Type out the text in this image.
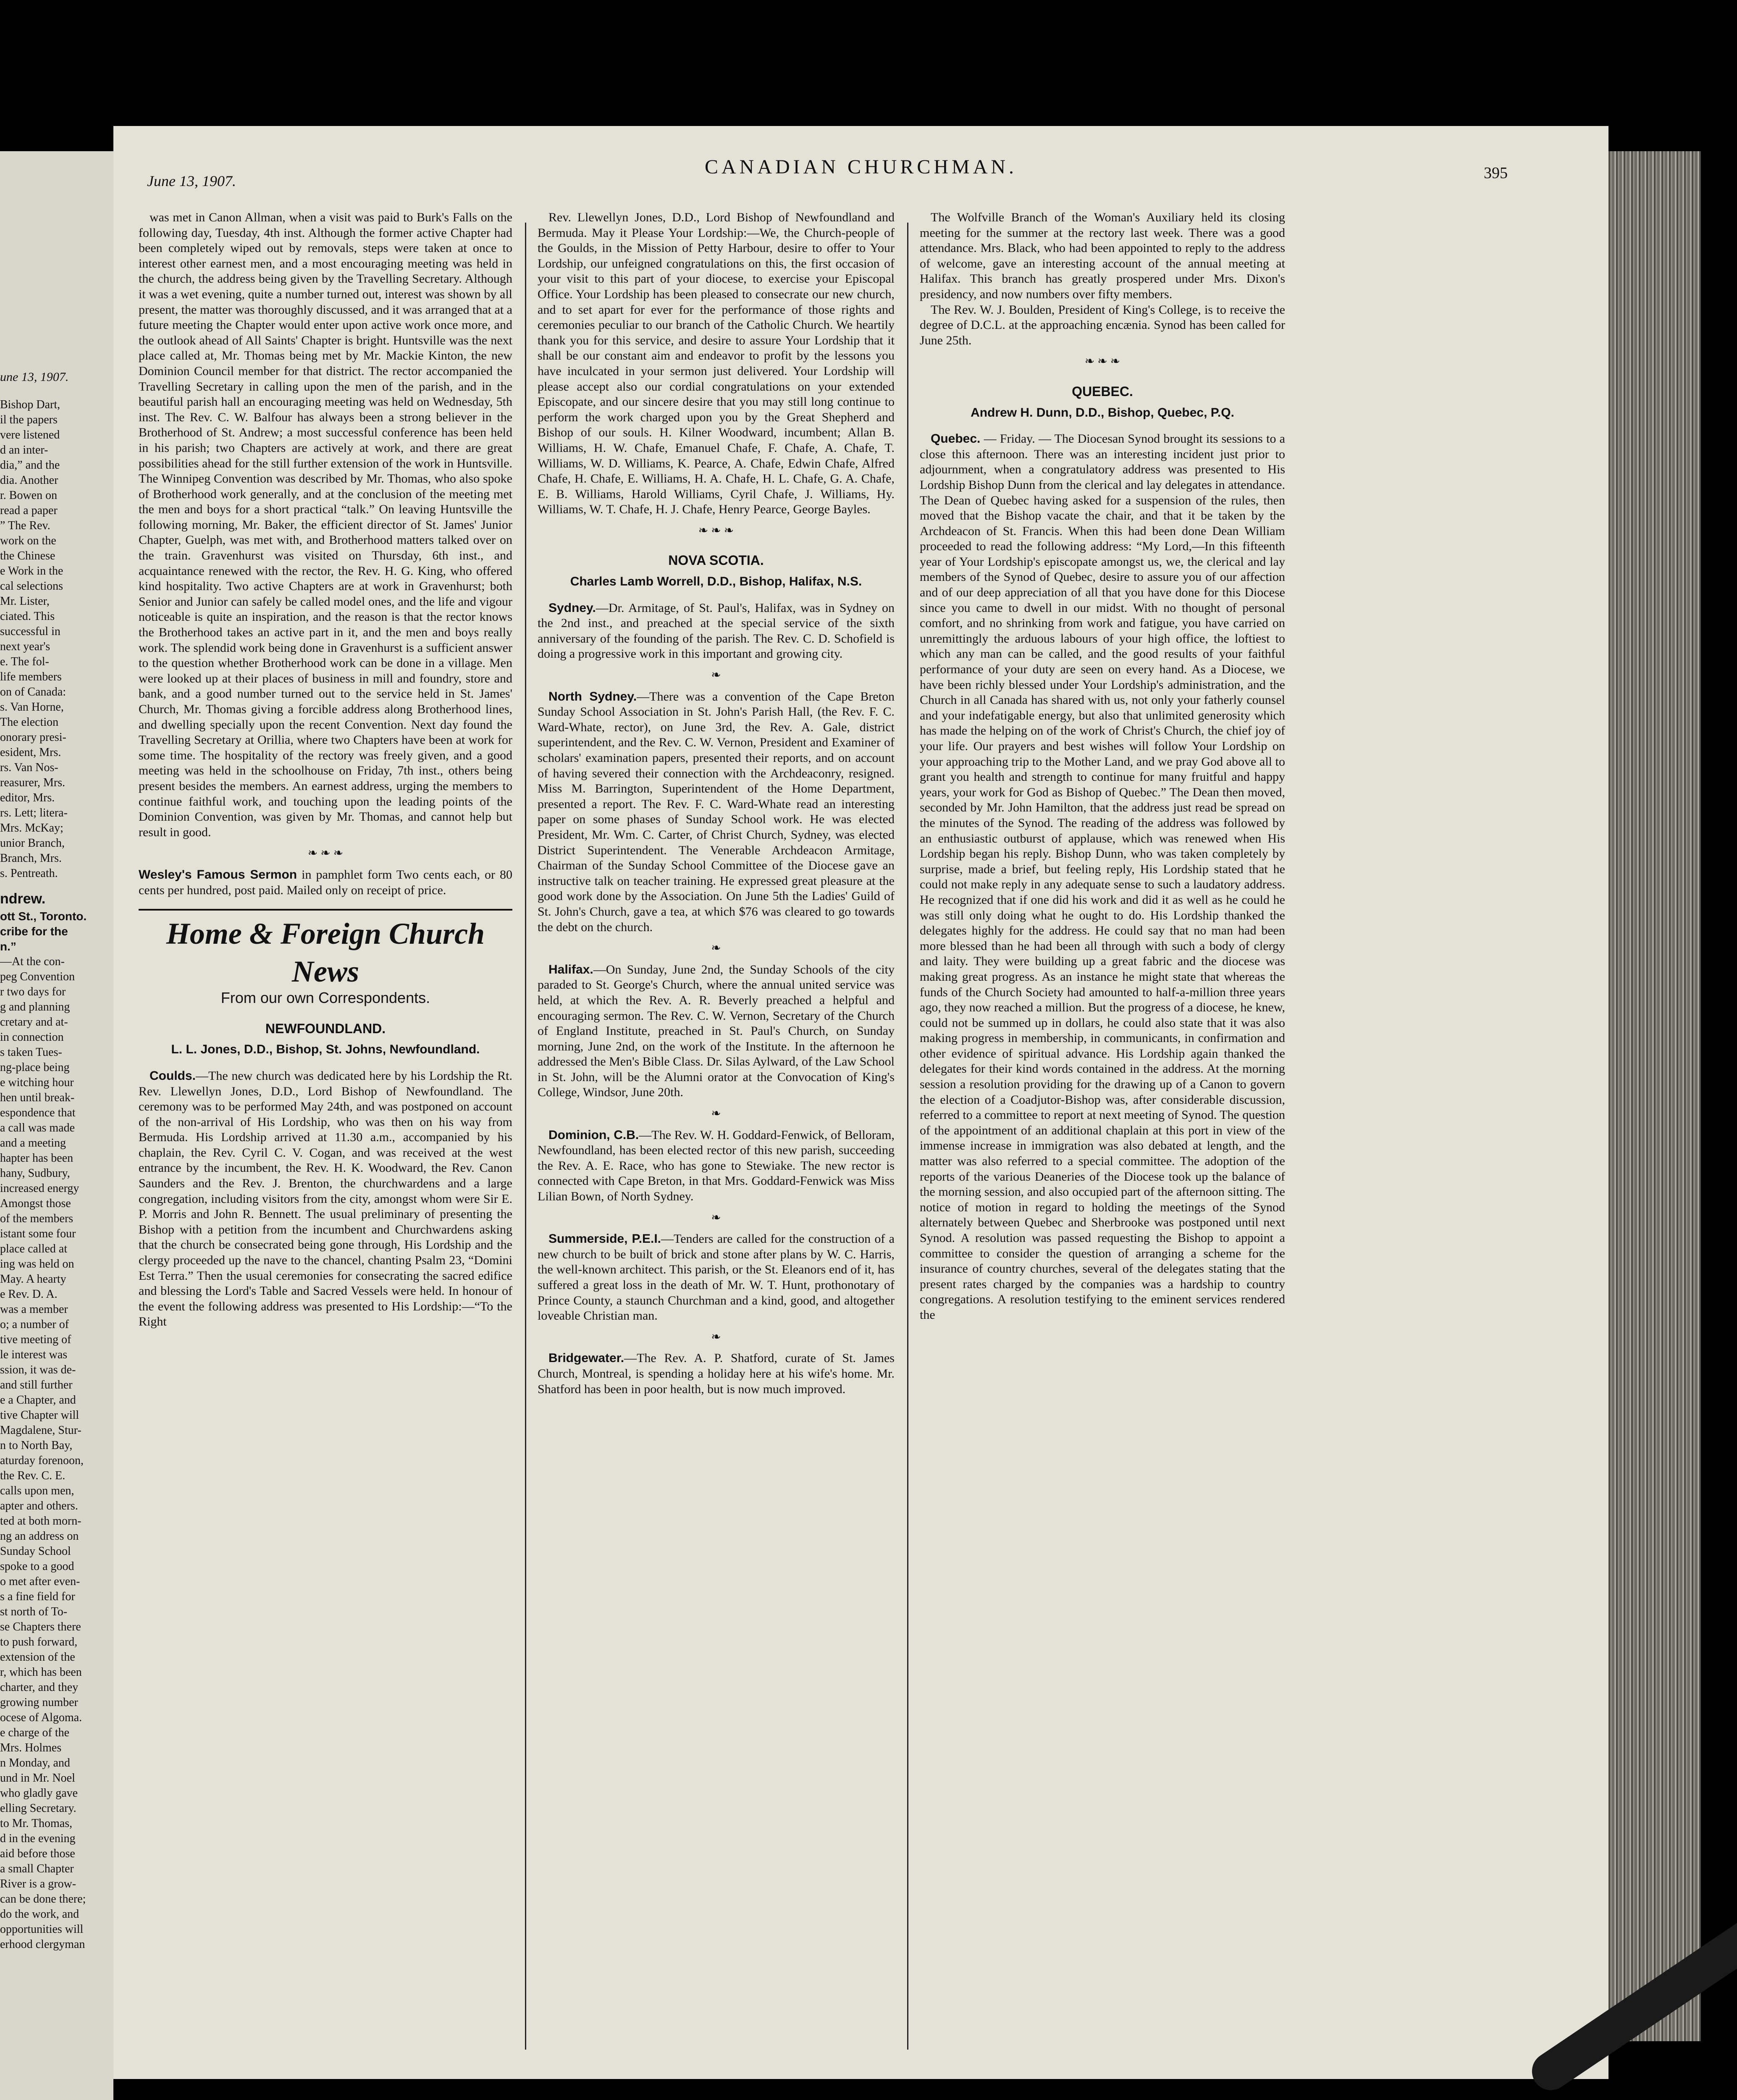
une 13, 1907.
Bishop Dart,
il the papers
vere listened
d an inter-
dia,” and the
dia. Another
r. Bowen on
read a paper
” The Rev.
work on the
the Chinese
e Work in the
cal selections
Mr. Lister,
ciated. This
successful in
next year's
e. The fol-
life members
on of Canada:
s. Van Horne,
The election
onorary presi-
esident, Mrs.
rs. Van Nos-
reasurer, Mrs.
editor, Mrs.
rs. Lett; litera-
Mrs. McKay;
unior Branch,
Branch, Mrs.
s. Pentreath.
ndrew.
ott St., Toronto.
cribe for the
n.”
—At the con-
peg Convention
r two days for
g and planning
cretary and at-
in connection
s taken Tues-
ng-place being
e witching hour
hen until break-
espondence that
a call was made
and a meeting
hapter has been
hany, Sudbury,
increased energy
Amongst those
of the members
istant some four
place called at
ing was held on
May. A hearty
e Rev. D. A.
was a member
o; a number of
tive meeting of
le interest was
ssion, it was de-
and still further
e a Chapter, and
tive Chapter will
Magdalene, Stur-
n to North Bay,
aturday forenoon,
the Rev. C. E.
calls upon men,
apter and others.
ted at both morn-
ng an address on
Sunday School
spoke to a good
o met after even-
s a fine field for
st north of To-
se Chapters there
to push forward,
extension of the
r, which has been
charter, and they
growing number
ocese of Algoma.
e charge of the
Mrs. Holmes
n Monday, and
und in Mr. Noel
who gladly gave
elling Secretary.
to Mr. Thomas,
d in the evening
aid before those
a small Chapter
River is a grow-
can be done there;
do the work, and
opportunities will
erhood clergyman
June 13, 1907.
CANADIAN CHURCHMAN.	395

was met in Canon Allman, when a visit was paid to Burk's Falls on the following day, Tuesday, 4th inst. Although the former active Chapter had been completely wiped out by removals, steps were taken at once to interest other earnest men, and a most encouraging meeting was held in the church, the address being given by the Travelling Secretary. Although it was a wet evening, quite a number turned out, interest was shown by all present, the matter was thoroughly discussed, and it was arranged that at a future meeting the Chapter would enter upon active work once more, and the outlook ahead of All Saints' Chapter is bright. Huntsville was the next place called at, Mr. Thomas being met by Mr. Mackie Kinton, the new Dominion Council member for that district. The rector accompanied the Travelling Secretary in calling upon the men of the parish, and in the beautiful parish hall an encouraging meeting was held on Wednesday, 5th inst. The Rev. C. W. Balfour has always been a strong believer in the Brotherhood of St. Andrew; a most successful conference has been held in his parish; two Chapters are actively at work, and there are great possibilities ahead for the still further extension of the work in Huntsville. The Winnipeg Convention was described by Mr. Thomas, who also spoke of Brotherhood work generally, and at the conclusion of the meeting met the men and boys for a short practical “talk.” On leaving Huntsville the following morning, Mr. Baker, the efficient director of St. James' Junior Chapter, Guelph, was met with, and Brotherhood matters talked over on the train. Gravenhurst was visited on Thursday, 6th inst., and acquaintance renewed with the rector, the Rev. H. G. King, who offered kind hospitality. Two active Chapters are at work in Gravenhurst; both Senior and Junior can safely be called model ones, and the life and vigour noticeable is quite an inspiration, and the reason is that the rector knows the Brotherhood takes an active part in it, and the men and boys really work. The splendid work being done in Gravenhurst is a sufficient answer to the question whether Brotherhood work can be done in a village. Men were looked up at their places of business in mill and foundry, store and bank, and a good number turned out to the service held in St. James' Church, Mr. Thomas giving a forcible address along Brotherhood lines, and dwelling specially upon the recent Convention. Next day found the Travelling Secretary at Orillia, where two Chapters have been at work for some time. The hospitality of the rectory was freely given, and a good meeting was held in the schoolhouse on Friday, 7th inst., others being present besides the members. An earnest address, urging the members to continue faithful work, and touching upon the leading points of the Dominion Convention, was given by Mr. Thomas, and cannot help but result in good.

❧ ❧ ❧

Wesley's Famous Sermon in pamphlet form Two cents each, or 80 cents per hundred, post paid. Mailed only on receipt of price.

Home & Foreign Church News

From our own Correspondents.

NEWFOUNDLAND.

L. L. Jones, D.D., Bishop, St. Johns, Newfoundland.

Coulds.—The new church was dedicated here by his Lordship the Rt. Rev. Llewellyn Jones, D.D., Lord Bishop of Newfoundland. The ceremony was to be performed May 24th, and was postponed on account of the non-arrival of His Lordship, who was then on his way from Bermuda. His Lordship arrived at 11.30 a.m., accompanied by his chaplain, the Rev. Cyril C. V. Cogan, and was received at the west entrance by the incumbent, the Rev. H. K. Woodward, the Rev. Canon Saunders and the Rev. J. Brenton, the churchwardens and a large congregation, including visitors from the city, amongst whom were Sir E. P. Morris and John R. Bennett. The usual preliminary of presenting the Bishop with a petition from the incumbent and Churchwardens asking that the church be consecrated being gone through, His Lordship and the clergy proceeded up the nave to the chancel, chanting Psalm 23, “Domini Est Terra.” Then the usual ceremonies for consecrating the sacred edifice and blessing the Lord's Table and Sacred Vessels were held. In honour of the event the following address was presented to His Lordship:—“To the Right

Rev. Llewellyn Jones, D.D., Lord Bishop of Newfoundland and Bermuda. May it Please Your Lordship:—We, the Church-people of the Goulds, in the Mission of Petty Harbour, desire to offer to Your Lordship, our unfeigned congratulations on this, the first occasion of your visit to this part of your diocese, to exercise your Episcopal Office. Your Lordship has been pleased to consecrate our new church, and to set apart for ever for the performance of those rights and ceremonies peculiar to our branch of the Catholic Church. We heartily thank you for this service, and desire to assure Your Lordship that it shall be our constant aim and endeavor to profit by the lessons you have inculcated in your sermon just delivered. Your Lordship will please accept also our cordial congratulations on your extended Episcopate, and our sincere desire that you may still long continue to perform the work charged upon you by the Great Shepherd and Bishop of our souls. H. Kilner Woodward, incumbent; Allan B. Williams, H. W. Chafe, Emanuel Chafe, F. Chafe, A. Chafe, T. Williams, W. D. Williams, K. Pearce, A. Chafe, Edwin Chafe, Alfred Chafe, H. Chafe, E. Williams, H. A. Chafe, H. L. Chafe, G. A. Chafe, E. B. Williams, Harold Williams, Cyril Chafe, J. Williams, Hy. Williams, W. T. Chafe, H. J. Chafe, Henry Pearce, George Bayles.

❧ ❧ ❧

NOVA SCOTIA.

Charles Lamb Worrell, D.D., Bishop, Halifax, N.S.

Sydney.—Dr. Armitage, of St. Paul's, Halifax, was in Sydney on the 2nd inst., and preached at the special service of the sixth anniversary of the founding of the parish. The Rev. C. D. Schofield is doing a progressive work in this important and growing city.

❧

North Sydney.—There was a convention of the Cape Breton Sunday School Association in St. John's Parish Hall, (the Rev. F. C. Ward-Whate, rector), on June 3rd, the Rev. A. Gale, district superintendent, and the Rev. C. W. Vernon, President and Examiner of scholars' examination papers, presented their reports, and on account of having severed their connection with the Archdeaconry, resigned. Miss M. Barrington, Superintendent of the Home Department, presented a report. The Rev. F. C. Ward-Whate read an interesting paper on some phases of Sunday School work. He was elected President, Mr. Wm. C. Carter, of Christ Church, Sydney, was elected District Superintendent. The Venerable Archdeacon Armitage, Chairman of the Sunday School Committee of the Diocese gave an instructive talk on teacher training. He expressed great pleasure at the good work done by the Association. On June 5th the Ladies' Guild of St. John's Church, gave a tea, at which $76 was cleared to go towards the debt on the church.

❧

Halifax.—On Sunday, June 2nd, the Sunday Schools of the city paraded to St. George's Church, where the annual united service was held, at which the Rev. A. R. Beverly preached a helpful and encouraging sermon. The Rev. C. W. Vernon, Secretary of the Church of England Institute, preached in St. Paul's Church, on Sunday morning, June 2nd, on the work of the Institute. In the afternoon he addressed the Men's Bible Class. Dr. Silas Aylward, of the Law School in St. John, will be the Alumni orator at the Convocation of King's College, Windsor, June 20th.

❧

Dominion, C.B.—The Rev. W. H. Goddard-Fenwick, of Belloram, Newfoundland, has been elected rector of this new parish, succeeding the Rev. A. E. Race, who has gone to Stewiake. The new rector is connected with Cape Breton, in that Mrs. Goddard-Fenwick was Miss Lilian Bown, of North Sydney.

❧

Summerside, P.E.I.—Tenders are called for the construction of a new church to be built of brick and stone after plans by W. C. Harris, the well-known architect. This parish, or the St. Eleanors end of it, has suffered a great loss in the death of Mr. W. T. Hunt, prothonotary of Prince County, a staunch Churchman and a kind, good, and altogether loveable Christian man.

❧

Bridgewater.—The Rev. A. P. Shatford, curate of St. James Church, Montreal, is spending a holiday here at his wife's home. Mr. Shatford has been in poor health, but is now much improved.

The Wolfville Branch of the Woman's Auxiliary held its closing meeting for the summer at the rectory last week. There was a good attendance. Mrs. Black, who had been appointed to reply to the address of welcome, gave an interesting account of the annual meeting at Halifax. This branch has greatly prospered under Mrs. Dixon's presidency, and now numbers over fifty members.

The Rev. W. J. Boulden, President of King's College, is to receive the degree of D.C.L. at the approaching encænia. Synod has been called for June 25th.

❧ ❧ ❧

QUEBEC.

Andrew H. Dunn, D.D., Bishop, Quebec, P.Q.

Quebec. — Friday. — The Diocesan Synod brought its sessions to a close this afternoon. There was an interesting incident just prior to adjournment, when a congratulatory address was presented to His Lordship Bishop Dunn from the clerical and lay delegates in attendance. The Dean of Quebec having asked for a suspension of the rules, then moved that the Bishop vacate the chair, and that it be taken by the Archdeacon of St. Francis. When this had been done Dean William proceeded to read the following address: “My Lord,—In this fifteenth year of Your Lordship's episcopate amongst us, we, the clerical and lay members of the Synod of Quebec, desire to assure you of our affection and of our deep appreciation of all that you have done for this Diocese since you came to dwell in our midst. With no thought of personal comfort, and no shrinking from work and fatigue, you have carried on unremittingly the arduous labours of your high office, the loftiest to which any man can be called, and the good results of your faithful performance of your duty are seen on every hand. As a Diocese, we have been richly blessed under Your Lordship's administration, and the Church in all Canada has shared with us, not only your fatherly counsel and your indefatigable energy, but also that unlimited generosity which has made the helping on of the work of Christ's Church, the chief joy of your life. Our prayers and best wishes will follow Your Lordship on your approaching trip to the Mother Land, and we pray God above all to grant you health and strength to continue for many fruitful and happy years, your work for God as Bishop of Quebec.” The Dean then moved, seconded by Mr. John Hamilton, that the address just read be spread on the minutes of the Synod. The reading of the address was followed by an enthusiastic outburst of applause, which was renewed when His Lordship began his reply. Bishop Dunn, who was taken completely by surprise, made a brief, but feeling reply, His Lordship stated that he could not make reply in any adequate sense to such a laudatory address. He recognized that if one did his work and did it as well as he could he was still only doing what he ought to do. His Lordship thanked the delegates highly for the address. He could say that no man had been more blessed than he had been all through with such a body of clergy and laity. They were building up a great fabric and the diocese was making great progress. As an instance he might state that whereas the funds of the Church Society had amounted to half-a-million three years ago, they now reached a million. But the progress of a diocese, he knew, could not be summed up in dollars, he could also state that it was also making progress in membership, in communicants, in confirmation and other evidence of spiritual advance. His Lordship again thanked the delegates for their kind words contained in the address. At the morning session a resolution providing for the drawing up of a Canon to govern the election of a Coadjutor-Bishop was, after considerable discussion, referred to a committee to report at next meeting of Synod. The question of the appointment of an additional chaplain at this port in view of the immense increase in immigration was also debated at length, and the matter was also referred to a special committee. The adoption of the reports of the various Deaneries of the Diocese took up the balance of the morning session, and also occupied part of the afternoon sitting. The notice of motion in regard to holding the meetings of the Synod alternately between Quebec and Sherbrooke was postponed until next Synod. A resolution was passed requesting the Bishop to appoint a committee to consider the question of arranging a scheme for the insurance of country churches, several of the delegates stating that the present rates charged by the companies was a hardship to country congregations. A resolution testifying to the eminent services rendered the
